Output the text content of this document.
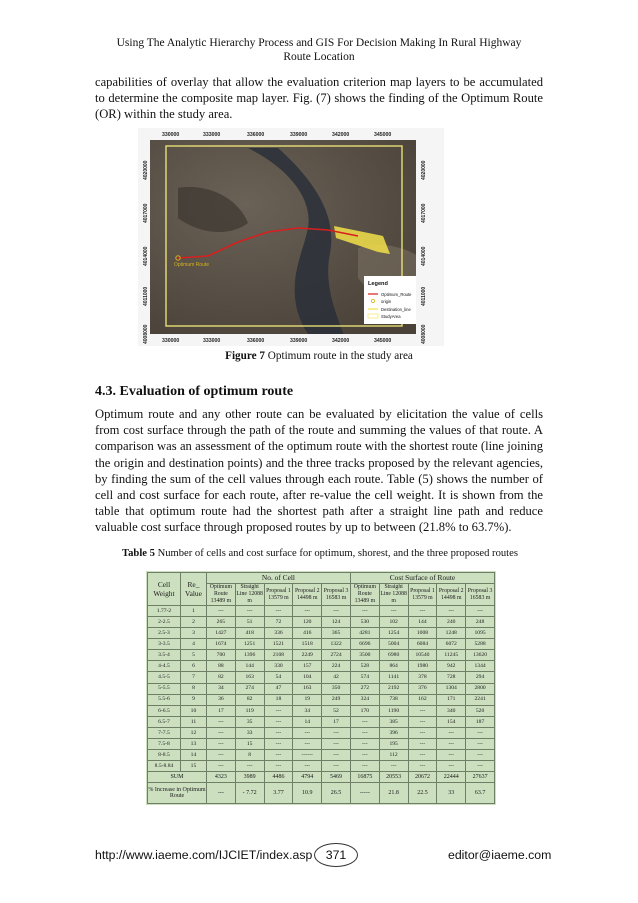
Using The Analytic Hierarchy Process and GIS For Decision Making In Rural Highway
Route Location
capabilities of overlay that allow the evaluation criterion map layers to be accumulated to determine the composite map layer. Fig. (7) shows the finding of the Optimum Route (OR) within the study area.
330000	333000	336000	339000	342000	345000
330000	333000	336000	339000	342000	345000
4020000
4017000
4014000
4011000
4008000
4020000
4017000
4014000
4011000
4008000
Optimum Route
Legend
Optimum_Route
origin
Destination_line
StudyArea
Figure 7 Optimum route in the study area
4.3. Evaluation of optimum route
Optimum route and any other route can be evaluated by elicitation the value of cells from cost surface through the path of the route and summing the values of that route. A comparison was an assessment of the optimum route with the shortest route (line joining the origin and destination points) and the three tracks proposed by the relevant agencies, by finding the sum of the cell values through each route. Table (5) shows the number of cell and cost surface for each route, after re-value the cell weight. It is shown from the table that optimum route had the shortest path after a straight line path and reduce valuable cost surface through proposed routes by up to between (21.8% to 63.7%).
Table 5 Number of cells and cost surface for optimum, shorest, and the three proposed routes
Cell Weight	Re_ Value	No. of Cell					Cost Surface of Route				
		Optimum Route 13489 m	Straight Line 12088 m	Proposal 1 13579 m	Proposal 2 14498 m	Proposal 3 16583 m	Optimum Route 13489 m	Straight Line 12088 m	Proposal 1 13579 m	Proposal 2 14498 m	Proposal 3 16583 m
1.77-2	1	---	---	---	---	---	---	---	---	---	---
2-2.5	2	265	51	72	120	124	530	102	144	240	248
2.5-3	3	1427	418	336	416	365	4281	1254	1008	1248	1095
3-3.5	4	1674	1251	1521	1518	1322	6696	5004	6084	6072	5288
3.5-4	5	700	1396	2108	2249	2724	3500	6980	10540	11245	13620
4-4.5	6	88	144	330	157	224	528	864	1980	942	1344
4.5-5	7	82	163	54	104	42	574	1141	378	728	294
5-5.5	8	34	274	47	163	350	272	2192	376	1304	2800
5.5-6	9	36	82	18	19	249	324	738	162	171	2241
6-6.5	10	17	119	---	34	52	170	1190	---	340	520
6.5-7	11	---	35	---	14	17	---	385	---	154	187
7-7.5	12	---	33	---	---	---	---	396	---	---	---
7.5-8	13	---	15	---	---	---	---	195	---	---	---
8-8.5	14	---	8	---	------	---	---	112	---	---	---
8.5-8.84	15	---	---	---	---	---	---	---	---	---	---
SUM		4323	3989	4486	4794	5469	16875	20553	20672	22444	27637
% Increase in Optimum Route		---	- 7.72	3.77	10.9	26.5	-----	21.8	22.5	33	63.7
http://www.iaeme.com/IJCIET/index.asp	371	editor@iaeme.com
